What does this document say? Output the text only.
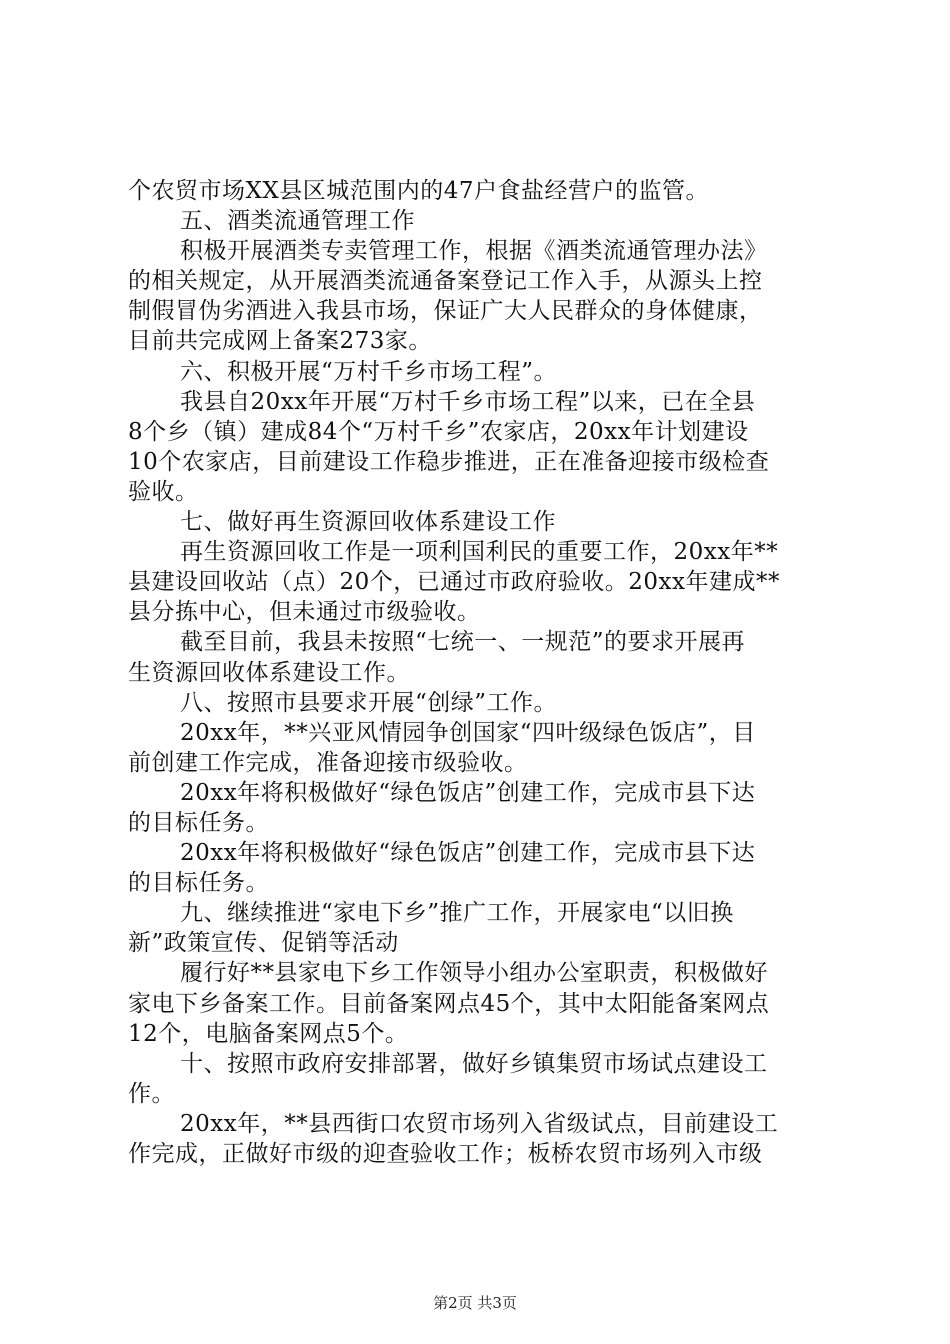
个农贸市场XX县区城范围内的47户食盐经营户的监管。
五、酒类流通管理工作
积极开展酒类专卖管理工作，根据《酒类流通管理办法》
的相关规定，从开展酒类流通备案登记工作入手，从源头上控
制假冒伪劣酒进入我县市场，保证广大人民群众的身体健康，
目前共完成网上备案273家。
六、积极开展“万村千乡市场工程”。
我县自20xx年开展“万村千乡市场工程”以来，已在全县
8个乡（镇）建成84个“万村千乡”农家店，20xx年计划建设
10个农家店，目前建设工作稳步推进，正在准备迎接市级检查
验收。
七、做好再生资源回收体系建设工作
再生资源回收工作是一项利国利民的重要工作，20xx年**
县建设回收站（点）20个，已通过市政府验收。20xx年建成**
县分拣中心，但未通过市级验收。
截至目前，我县未按照“七统一、一规范”的要求开展再
生资源回收体系建设工作。
八、按照市县要求开展“创绿”工作。
20xx年，**兴亚风情园争创国家“四叶级绿色饭店”，目
前创建工作完成，准备迎接市级验收。
20xx年将积极做好“绿色饭店”创建工作，完成市县下达
的目标任务。
20xx年将积极做好“绿色饭店”创建工作，完成市县下达
的目标任务。
九、继续推进“家电下乡”推广工作，开展家电“以旧换
新”政策宣传、促销等活动
履行好**县家电下乡工作领导小组办公室职责，积极做好
家电下乡备案工作。目前备案网点45个，其中太阳能备案网点
12个，电脑备案网点5个。
十、按照市政府安排部署，做好乡镇集贸市场试点建设工
作。
20xx年，**县西街口农贸市场列入省级试点，目前建设工
作完成，正做好市级的迎查验收工作；板桥农贸市场列入市级
第2页 共3页
